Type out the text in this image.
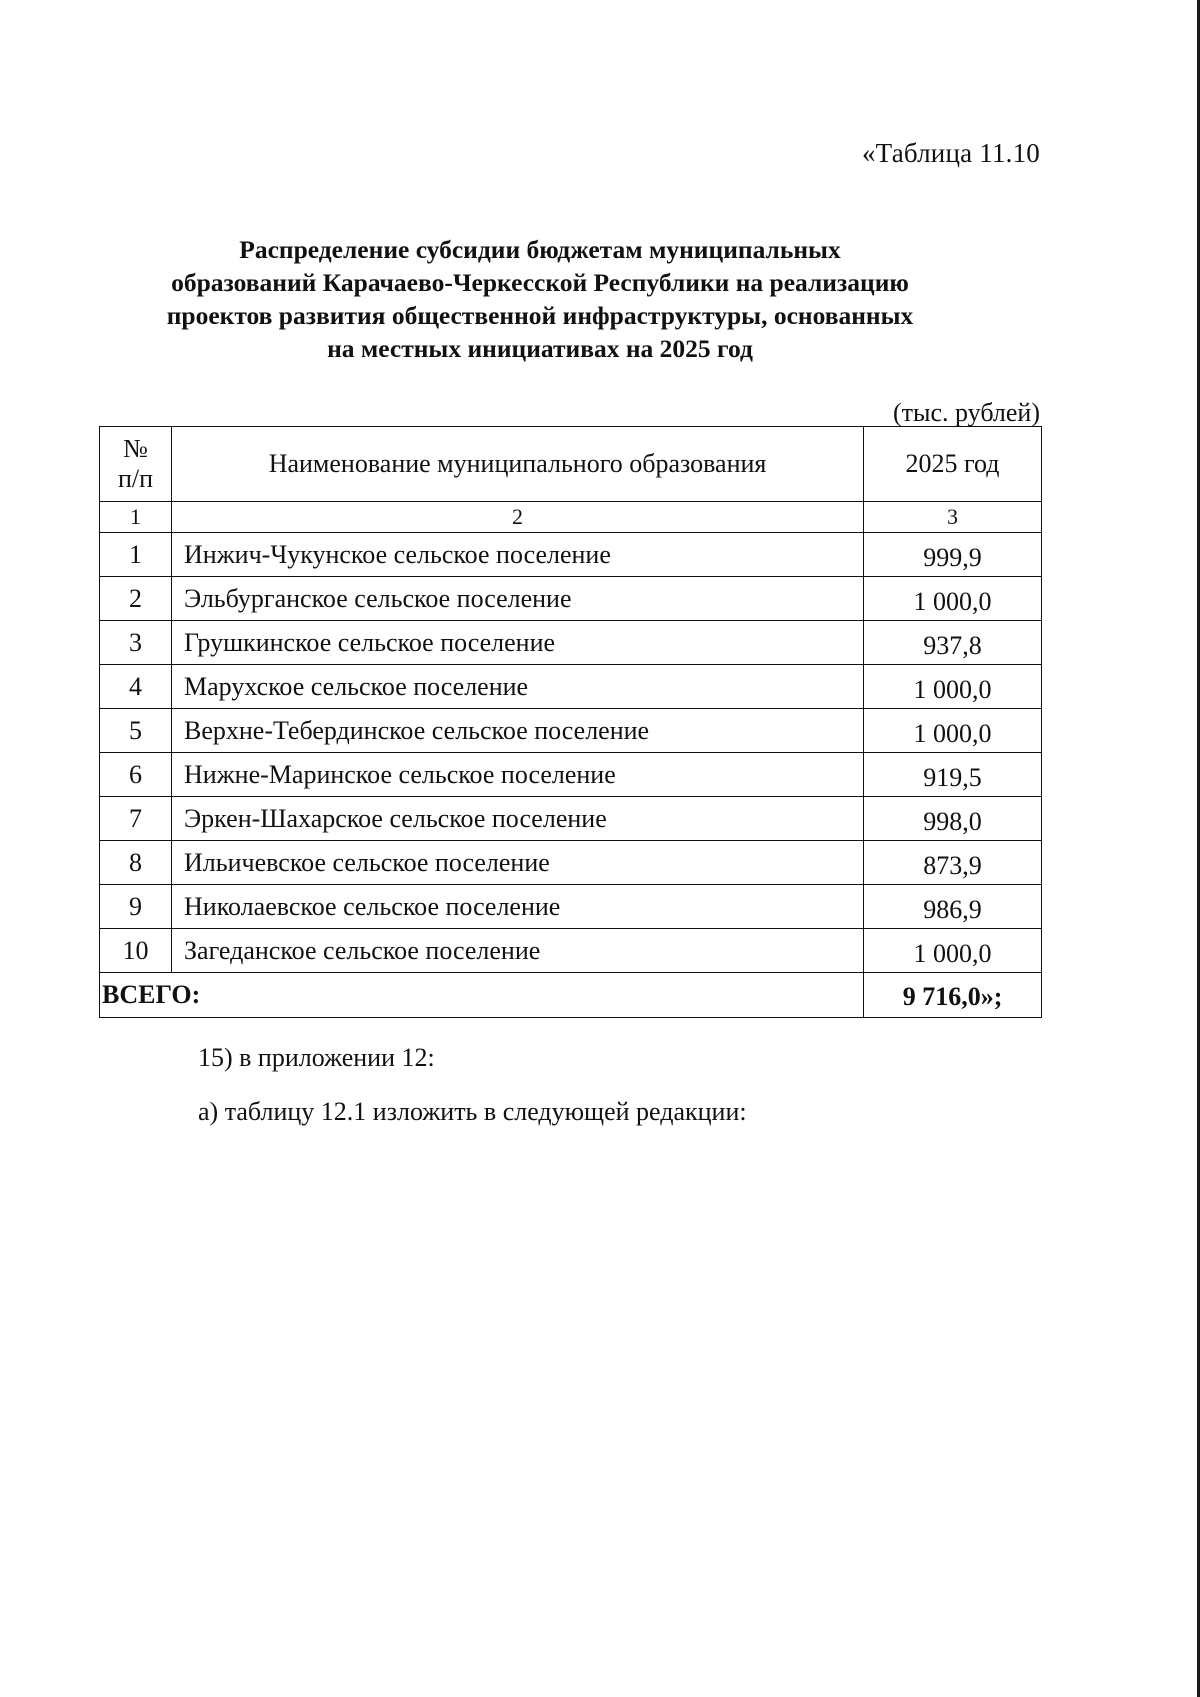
«Таблица 11.10
Распределение субсидии бюджетам муниципальных
образований Карачаево-Черкесской Республики на реализацию
проектов развития общественной инфраструктуры, основанных
на местных инициативах на 2025 год
(тыс. рублей)
№
п/п	Наименование муниципального образования	2025 год
1	2	3
1	Инжич-Чукунское сельское поселение	999,9
2	Эльбурганское сельское поселение	1 000,0
3	Грушкинское сельское поселение	937,8
4	Марухское сельское поселение	1 000,0
5	Верхне-Тебердинское сельское поселение	1 000,0
6	Нижне-Маринское сельское поселение	919,5
7	Эркен-Шахарское сельское поселение	998,0
8	Ильичевское сельское поселение	873,9
9	Николаевское сельское поселение	986,9
10	Загеданское сельское поселение	1 000,0
ВСЕГО:		9 716,0»;
15) в приложении 12:
а) таблицу 12.1 изложить в следующей редакции:
